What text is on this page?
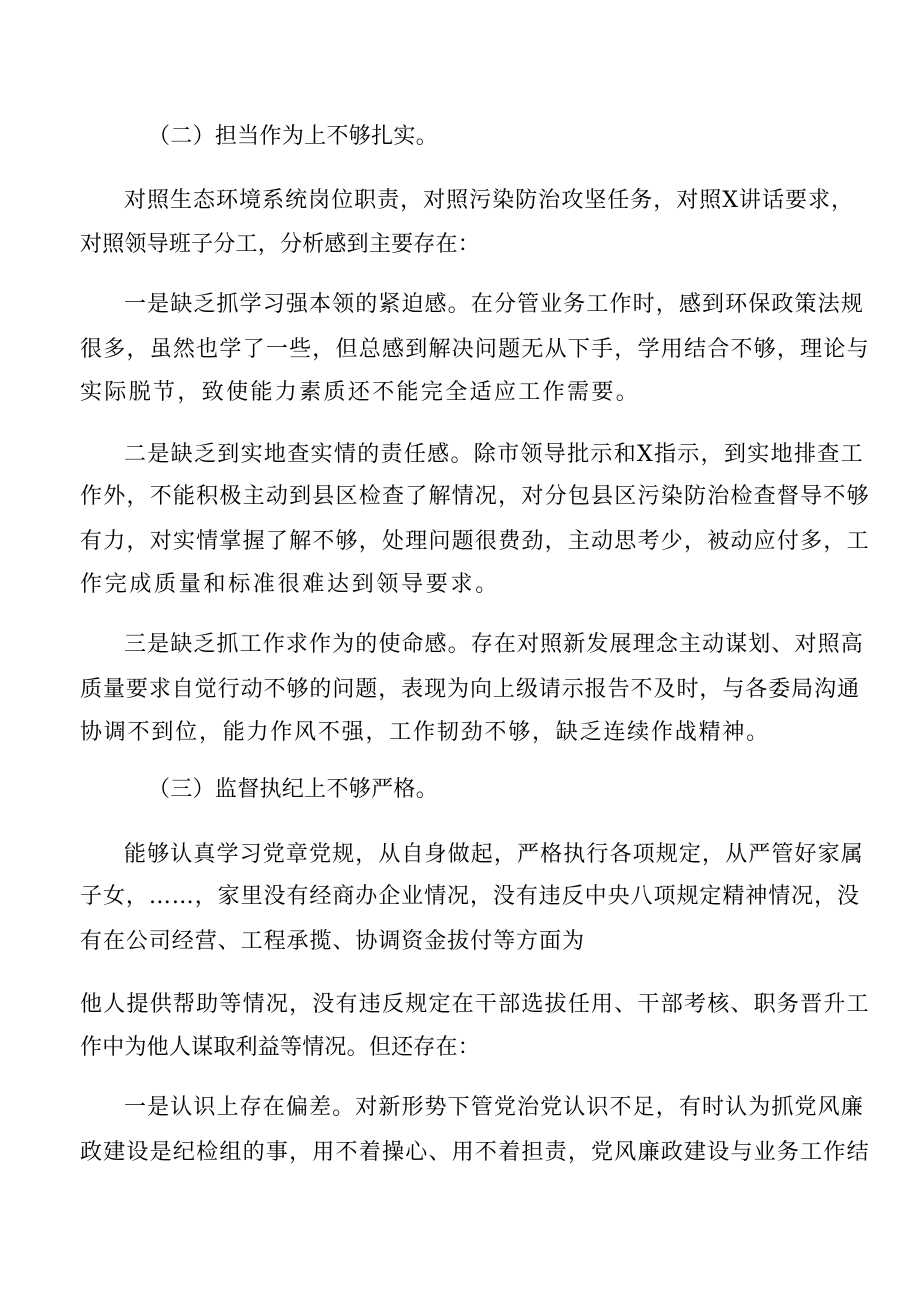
（二）担当作为上不够扎实。
对照生态环境系统岗位职责，对照污染防治攻坚任务，对照X讲话要求，
对照领导班子分工，分析感到主要存在：
一是缺乏抓学习强本领的紧迫感。在分管业务工作时，感到环保政策法规
很多，虽然也学了一些，但总感到解决问题无从下手，学用结合不够，理论与
实际脱节，致使能力素质还不能完全适应工作需要。
二是缺乏到实地查实情的责任感。除市领导批示和X指示，到实地排查工
作外，不能积极主动到县区检查了解情况，对分包县区污染防治检查督导不够
有力，对实情掌握了解不够，处理问题很费劲，主动思考少，被动应付多，工
作完成质量和标准很难达到领导要求。
三是缺乏抓工作求作为的使命感。存在对照新发展理念主动谋划、对照高
质量要求自觉行动不够的问题，表现为向上级请示报告不及时，与各委局沟通
协调不到位，能力作风不强，工作韧劲不够，缺乏连续作战精神。
（三）监督执纪上不够严格。
能够认真学习党章党规，从自身做起，严格执行各项规定，从严管好家属
子女，……，家里没有经商办企业情况，没有违反中央八项规定精神情况，没
有在公司经营、工程承揽、协调资金拔付等方面为
他人提供帮助等情况，没有违反规定在干部选拔任用、干部考核、职务晋升工
作中为他人谋取利益等情况。但还存在：
一是认识上存在偏差。对新形势下管党治党认识不足，有时认为抓党风廉
政建设是纪检组的事，用不着操心、用不着担责，党风廉政建设与业务工作结
